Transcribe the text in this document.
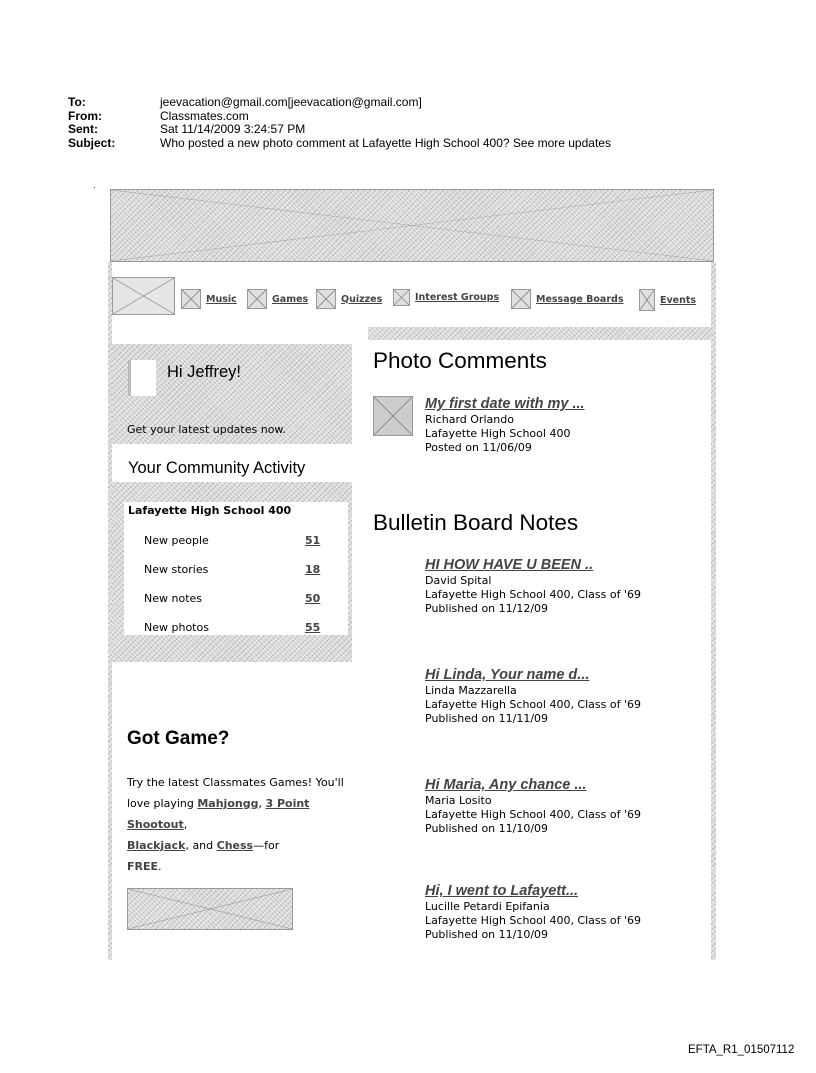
To:	jeevacation@gmail.com[jeevacation@gmail.com]
From:	Classmates.com
Sent:	Sat 11/14/2009 3:24:57 PM
Subject:	Who posted a new photo comment at Lafayette High School 400? See more updates
Music	Games	Quizzes	Interest Groups	Message Boards	Events
Hi Jeffrey!
Get your latest updates now.
Your Community Activity
Lafayette High School 400
New people	51
New stories	18
New notes	50
New photos	55
Got Game?
Try the latest Classmates Games! You'll love playing Mahjongg, 3 Point Shootout,
Blackjack, and Chess—for
FREE.
Photo Comments
My first date with my ...
Richard Orlando
Lafayette High School 400
Posted on 11/06/09
Bulletin Board Notes
HI HOW HAVE U BEEN ..
David Spital
Lafayette High School 400, Class of '69
Published on 11/12/09
Hi Linda, Your name d...
Linda Mazzarella
Lafayette High School 400, Class of '69
Published on 11/11/09
Hi Maria, Any chance ...
Maria Losito
Lafayette High School 400, Class of '69
Published on 11/10/09
Hi, I went to Lafayett...
Lucille Petardi Epifania
Lafayette High School 400, Class of '69
Published on 11/10/09
EFTA_R1_01507112
